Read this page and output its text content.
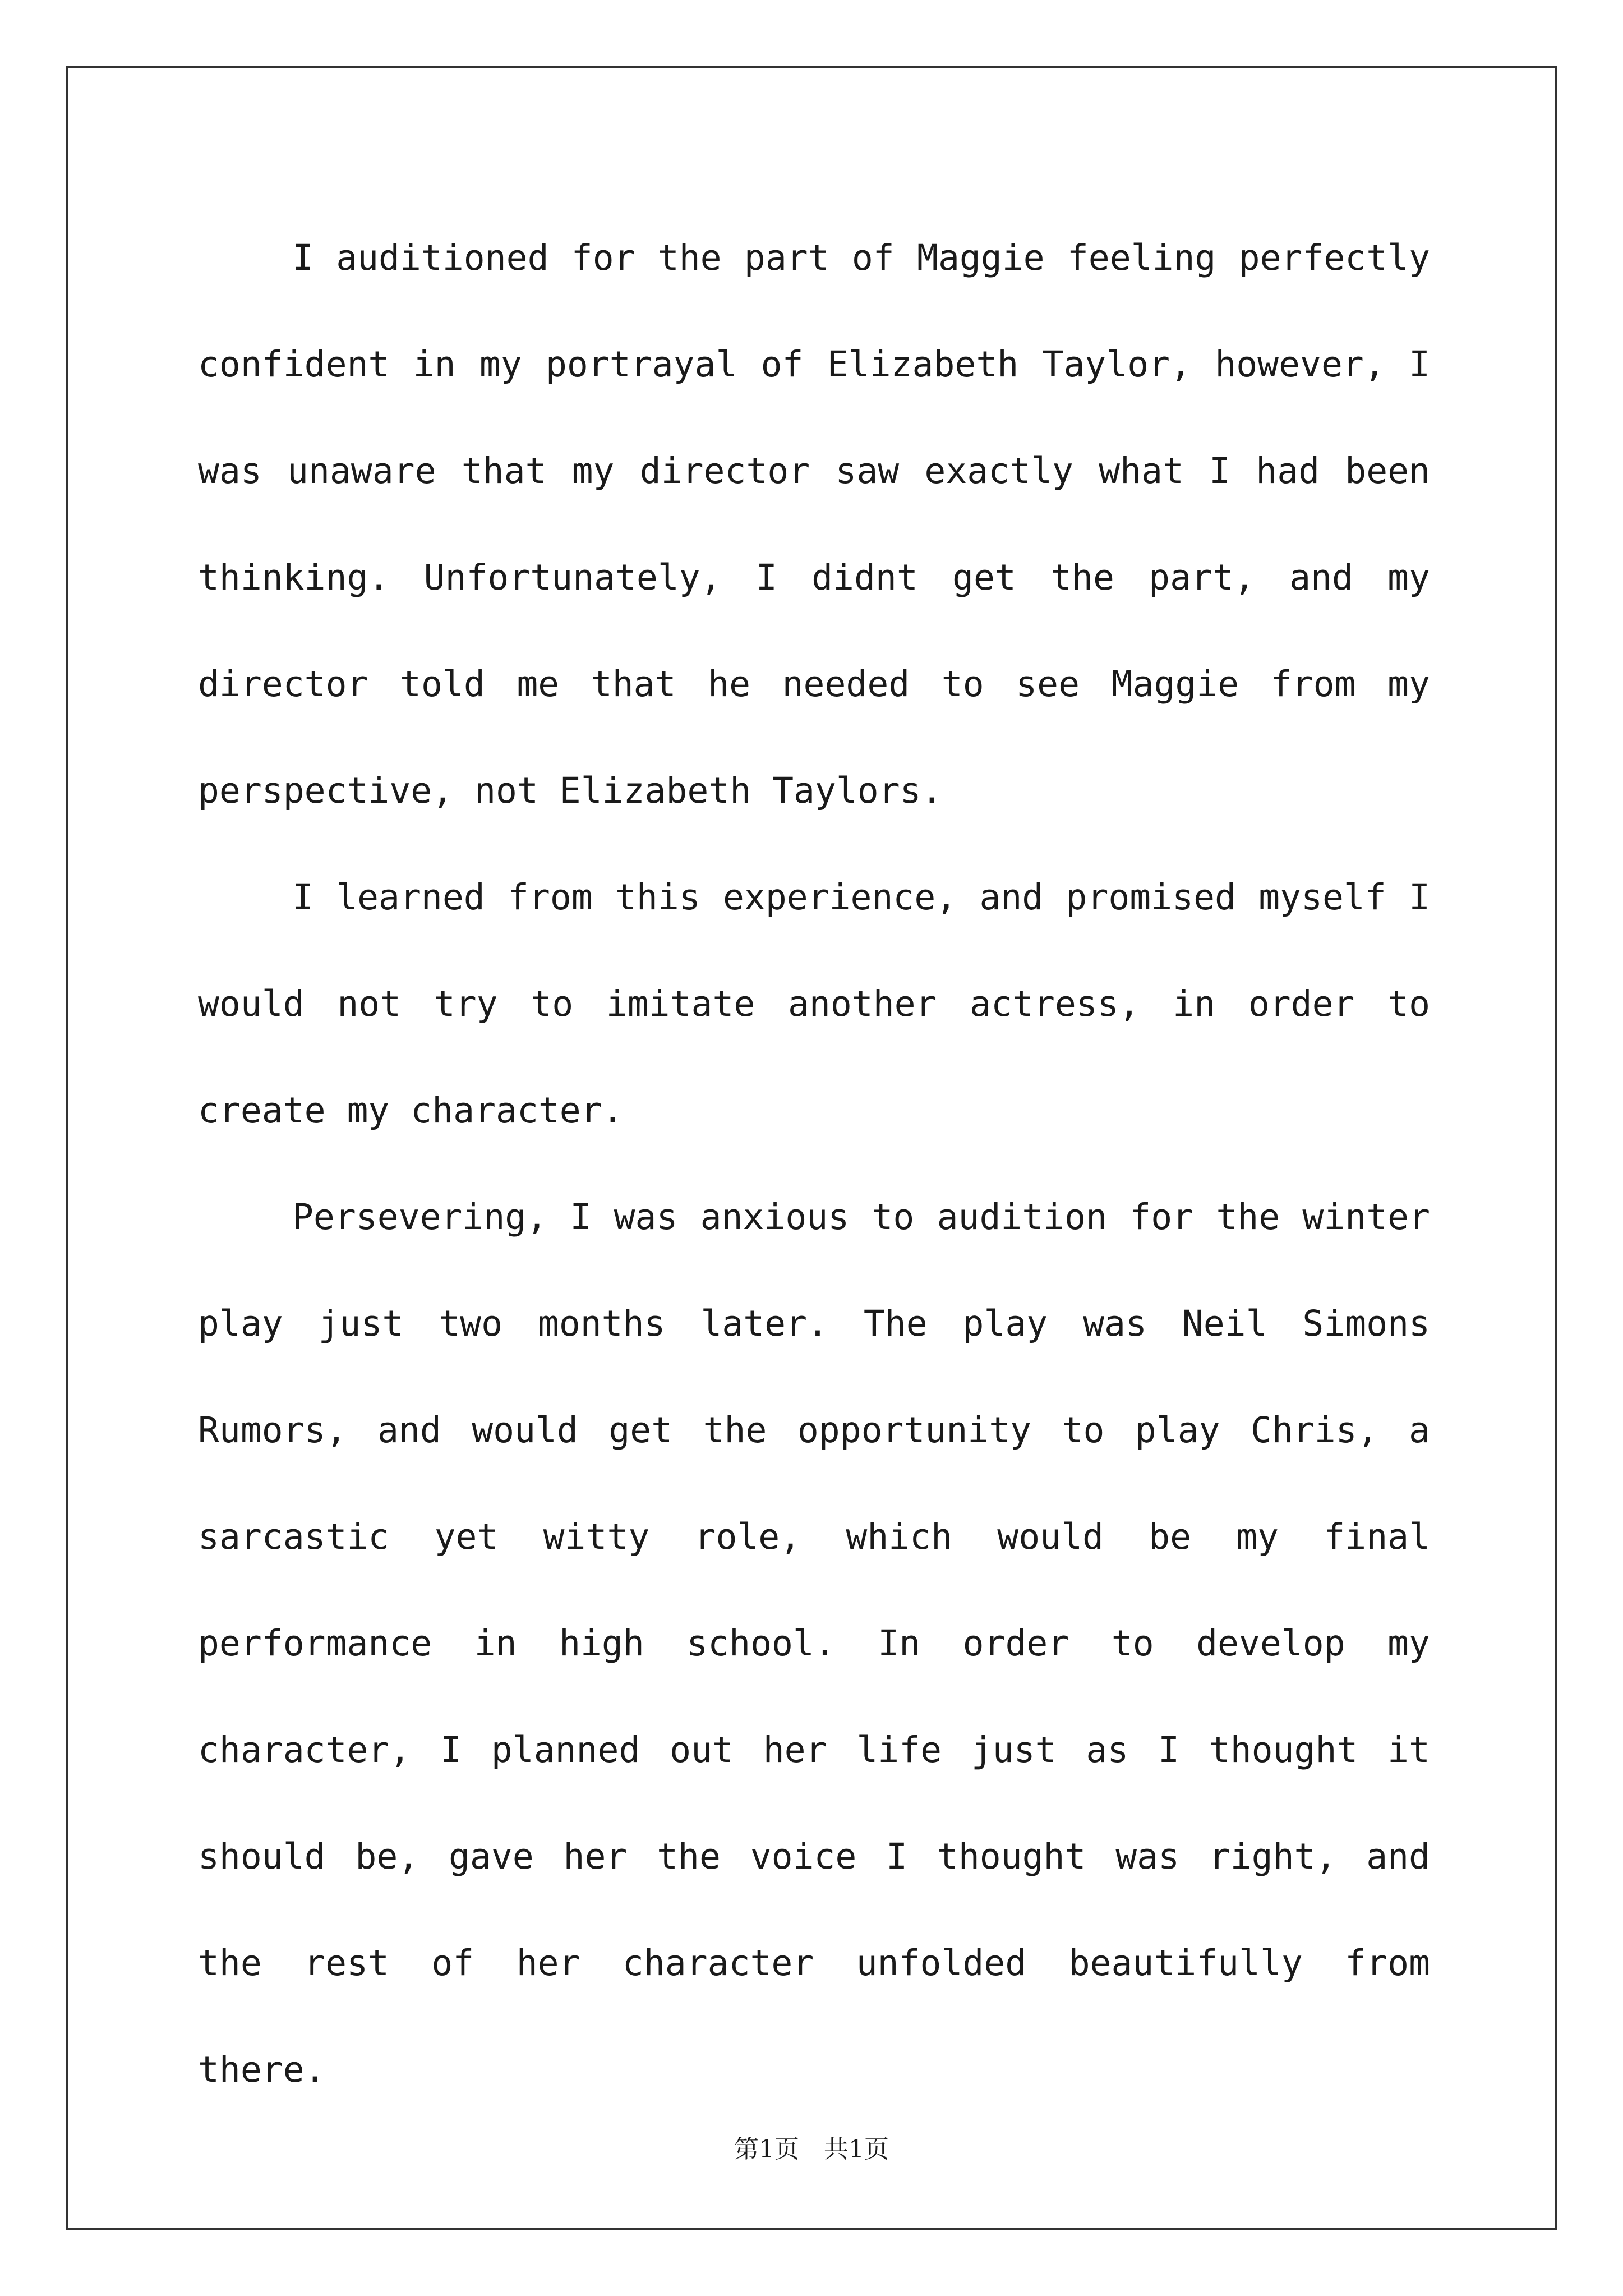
I auditioned for the part of Maggie feeling perfectly confident in my portrayal of Elizabeth Taylor, however, I was unaware that my director saw exactly what I had been thinking. Unfortunately, I didnt get the part, and my director told me that he needed to see Maggie from my perspective, not Elizabeth Taylors.

I learned from this experience, and promised myself I would not try to imitate another actress, in order to create my character.

Persevering, I was anxious to audition for the winter play just two months later. The play was Neil Simons Rumors, and would get the opportunity to play Chris, a sarcastic yet witty role, which would be my final performance in high school. In order to develop my character, I planned out her life just as I thought it should be, gave her the voice I thought was right, and the rest of her character unfolded beautifully from there.

第1页　共1页
